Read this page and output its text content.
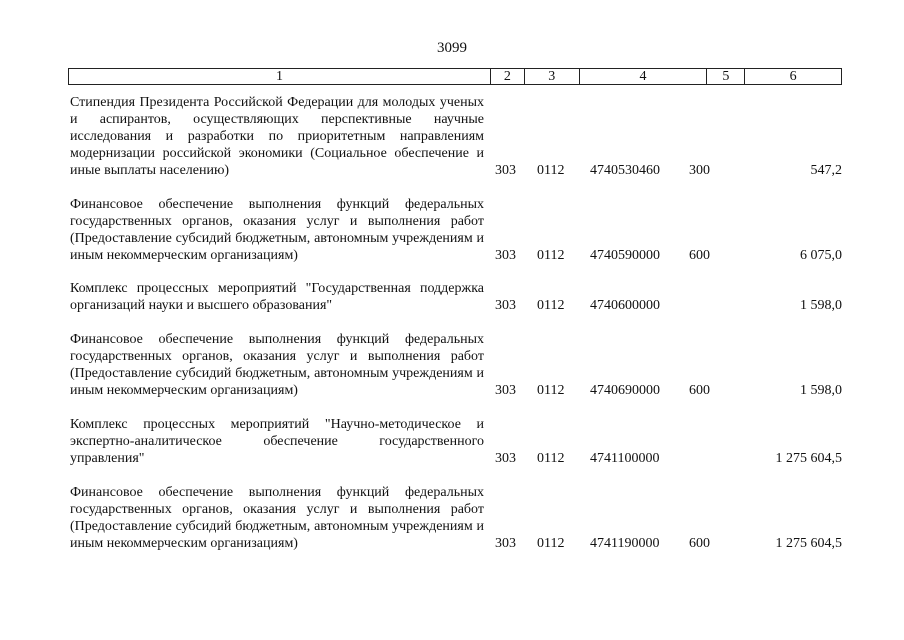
3099
1	2	3	4	5	6
Стипендия Президента Российской Федерации для молодых ученых и аспирантов, осуществляющих перспективные научные исследования и разработки по приоритетным направлениям модернизации российской экономики (Социальное обеспечение и иные выплаты населению)	303 0112 4740530460 300	547,2
Финансовое обеспечение выполнения функций федеральных государственных органов, оказания услуг и выполнения работ (Предоставление субсидий бюджетным, автономным учреждениям и иным некоммерческим организациям)	303 0112 4740590000 600	6 075,0
Комплекс процессных мероприятий "Государственная поддержка организаций науки и высшего образования"	303 0112 4740600000	1 598,0
Финансовое обеспечение выполнения функций федеральных государственных органов, оказания услуг и выполнения работ (Предоставление субсидий бюджетным, автономным учреждениям и иным некоммерческим организациям)	303 0112 4740690000 600	1 598,0
Комплекс процессных мероприятий "Научно-методическое и экспертно-аналитическое обеспечение государственного управления"	303 0112 4741100000	1 275 604,5
Финансовое обеспечение выполнения функций федеральных государственных органов, оказания услуг и выполнения работ (Предоставление субсидий бюджетным, автономным учреждениям и иным некоммерческим организациям)	303 0112 4741190000 600	1 275 604,5
